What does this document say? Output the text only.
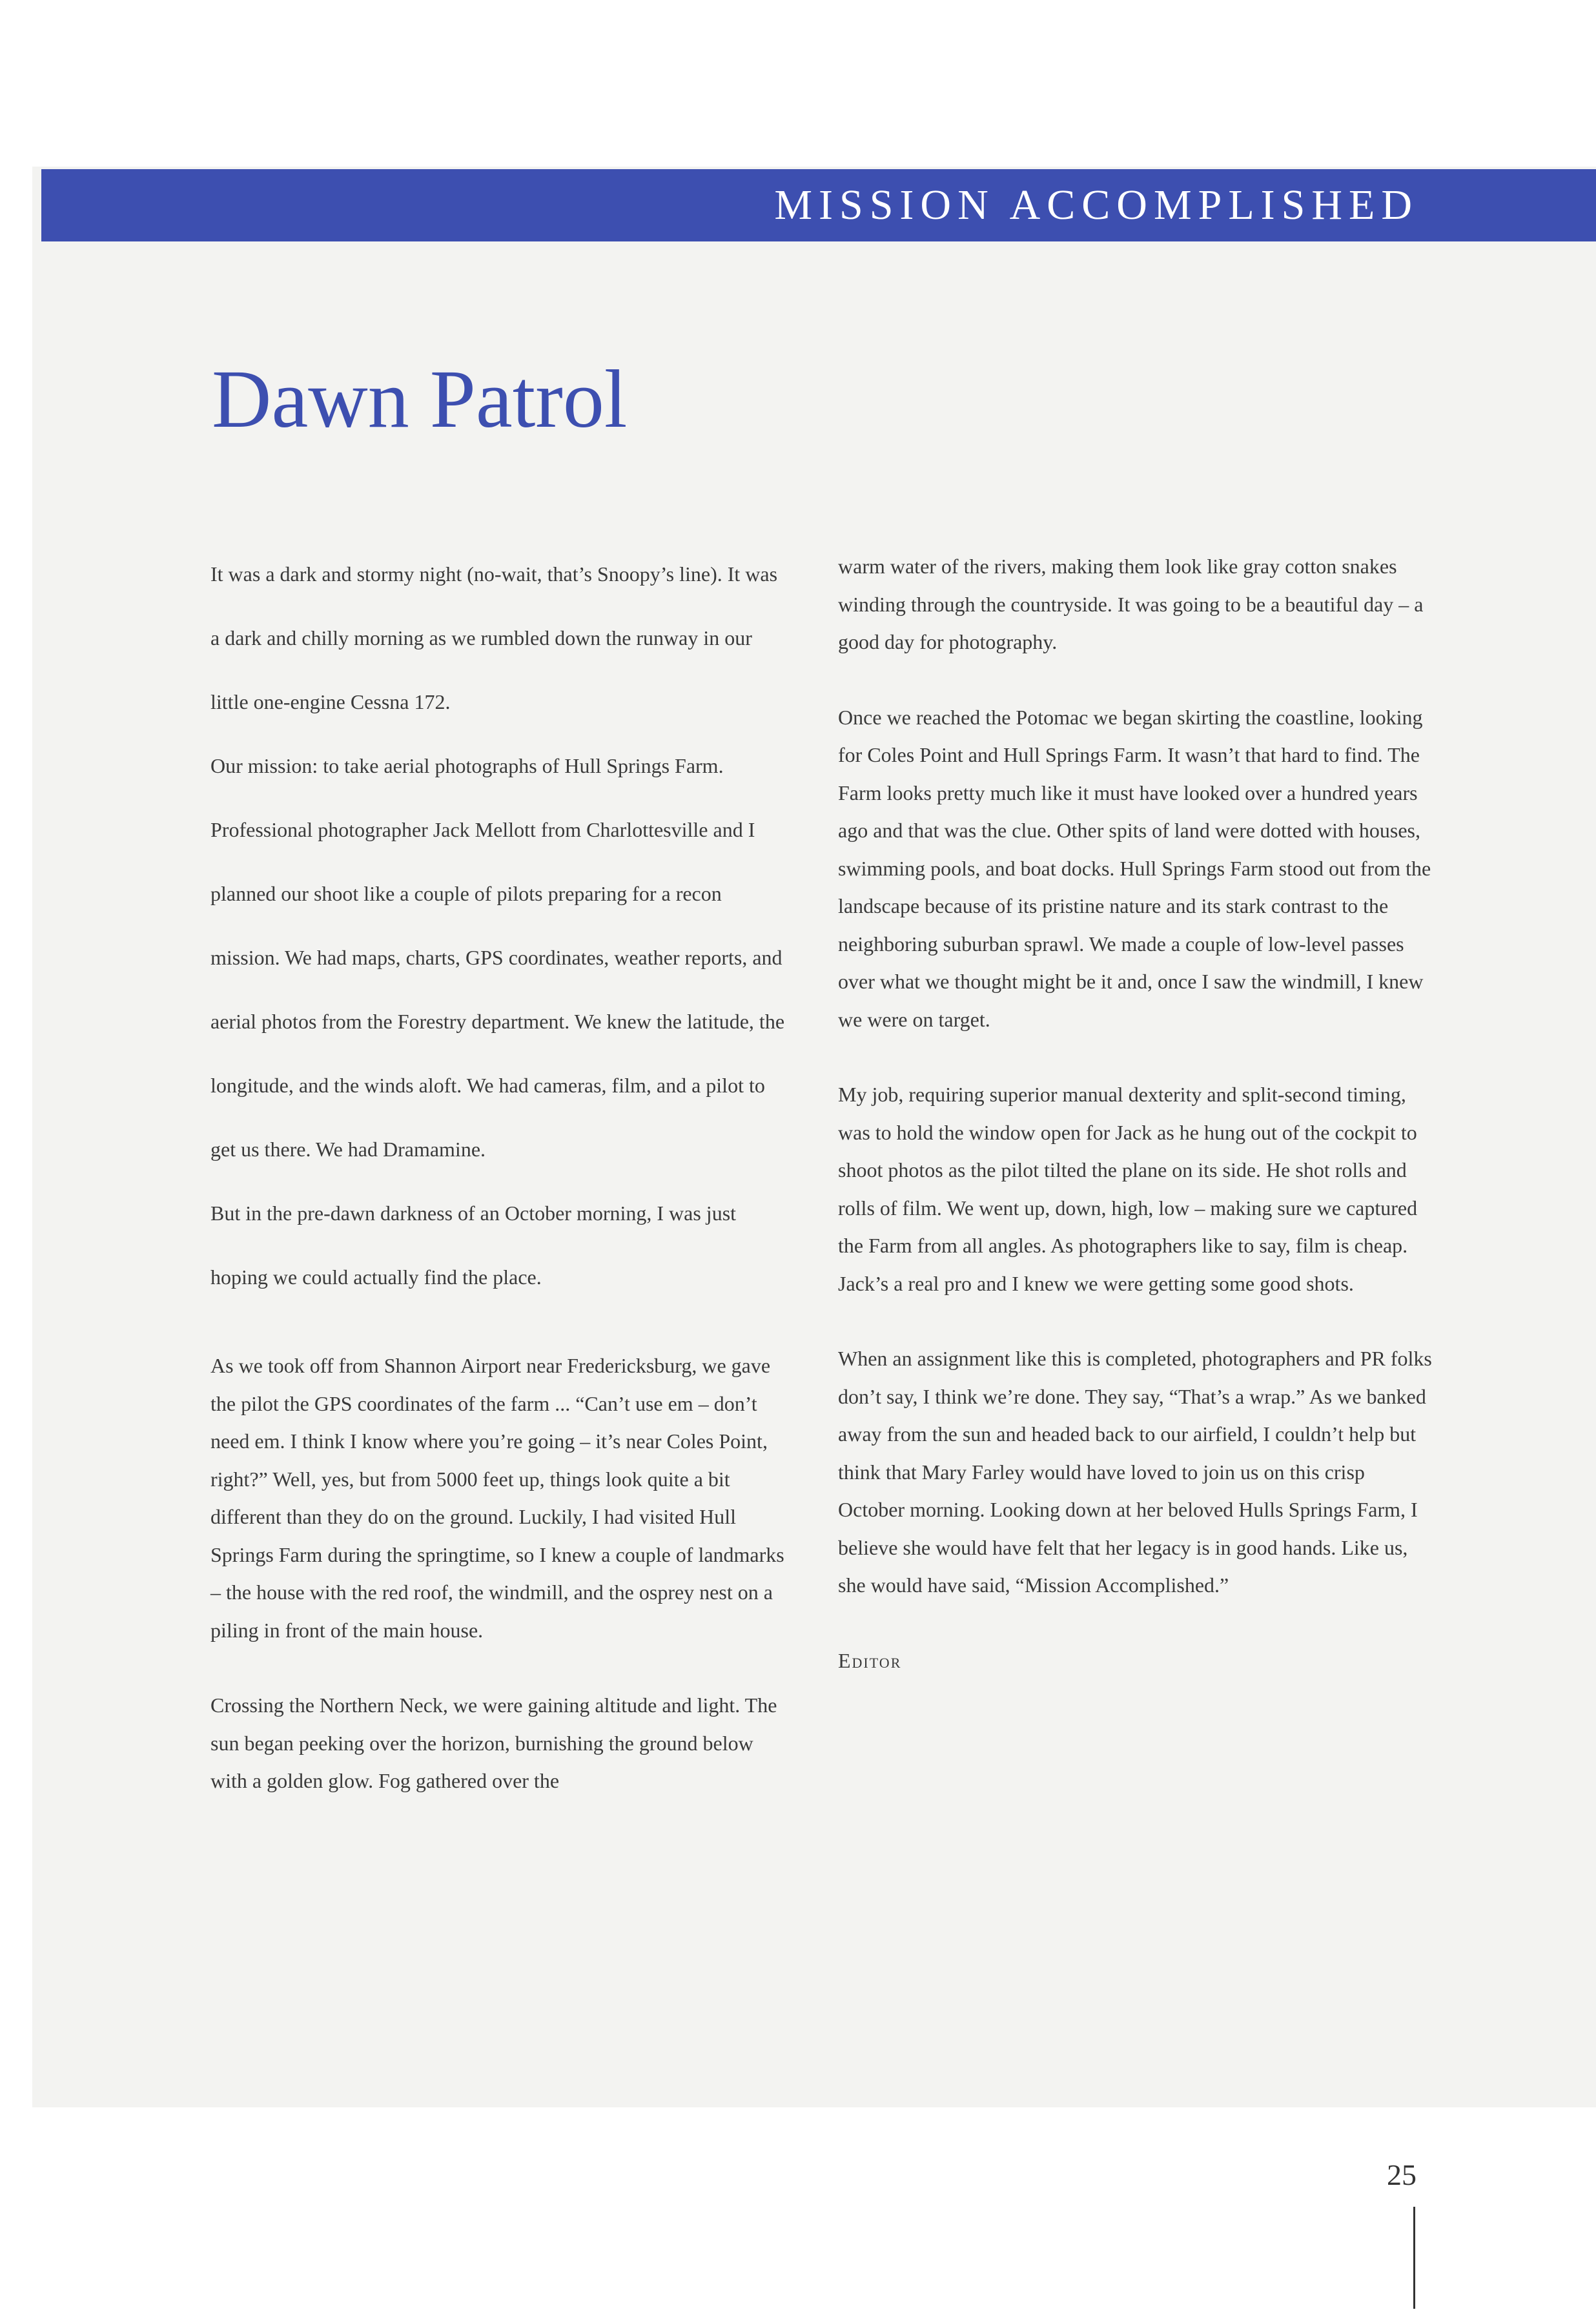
MISSION ACCOMPLISHED
Dawn Patrol

It was a dark and stormy night (no-wait, that’s Snoopy’s line). It was a dark and chilly morning as we rumbled down the runway in our little one-engine Cessna 172.

Our mission: to take aerial photographs of Hull Springs Farm. Professional photographer Jack Mellott from Charlottesville and I planned our shoot like a couple of pilots preparing for a recon mission. We had maps, charts, GPS coordinates, weather reports, and aerial photos from the Forestry department. We knew the latitude, the longitude, and the winds aloft. We had cameras, film, and a pilot to get us there. We had Dramamine.

But in the pre-dawn darkness of an October morning, I was just hoping we could actually find the place.

As we took off from Shannon Airport near Fredericksburg, we gave the pilot the GPS coordinates of the farm ... “Can’t use em – don’t need em. I think I know where you’re going – it’s near Coles Point, right?” Well, yes, but from 5000 feet up, things look quite a bit different than they do on the ground. Luckily, I had visited Hull Springs Farm during the springtime, so I knew a couple of landmarks – the house with the red roof, the windmill, and the osprey nest on a piling in front of the main house.

Crossing the Northern Neck, we were gaining altitude and light. The sun began peeking over the horizon, burnishing the ground below with a golden glow. Fog gathered over the

warm water of the rivers, making them look like gray cotton snakes winding through the countryside. It was going to be a beautiful day – a good day for photography.

Once we reached the Potomac we began skirting the coastline, looking for Coles Point and Hull Springs Farm. It wasn’t that hard to find. The Farm looks pretty much like it must have looked over a hundred years ago and that was the clue. Other spits of land were dotted with houses, swimming pools, and boat docks. Hull Springs Farm stood out from the landscape because of its pristine nature and its stark contrast to the neighboring suburban sprawl. We made a couple of low-level passes over what we thought might be it and, once I saw the windmill, I knew we were on target.

My job, requiring superior manual dexterity and split-second timing, was to hold the window open for Jack as he hung out of the cockpit to shoot photos as the pilot tilted the plane on its side. He shot rolls and rolls of film. We went up, down, high, low – making sure we captured the Farm from all angles. As photographers like to say, film is cheap. Jack’s a real pro and I knew we were getting some good shots.

When an assignment like this is completed, photographers and PR folks don’t say, I think we’re done. They say, “That’s a wrap.” As we banked away from the sun and headed back to our airfield, I couldn’t help but think that Mary Farley would have loved to join us on this crisp October morning. Looking down at her beloved Hulls Springs Farm, I believe she would have felt that her legacy is in good hands. Like us, she would have said, “Mission Accomplished.”

Editor

25
